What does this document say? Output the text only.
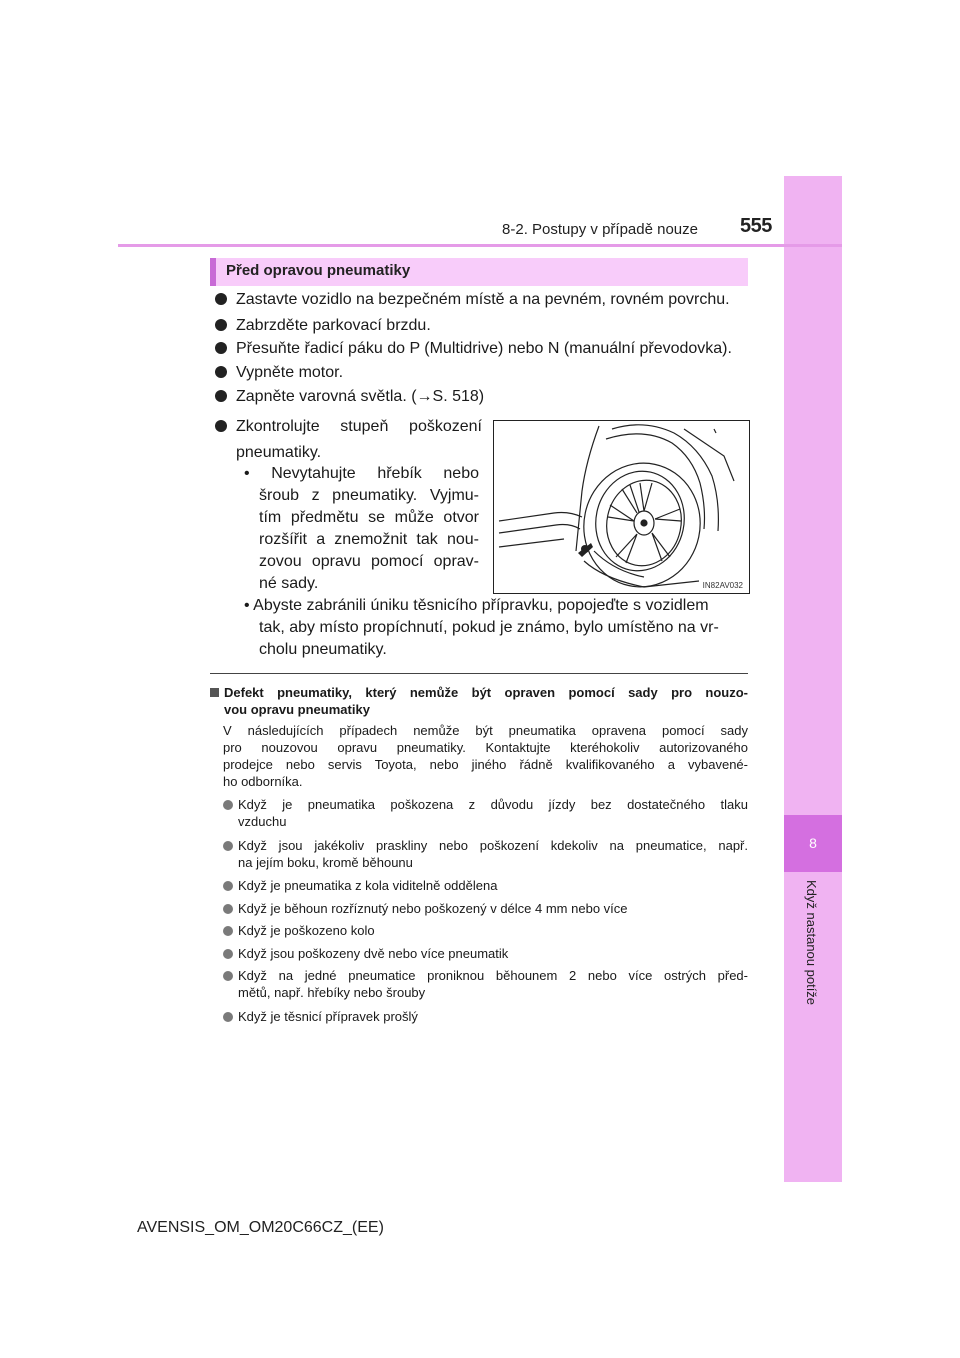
8
Když nastanou potíže
8-2. Postupy v případě nouze 555
Před opravou pneumatiky
Zastavte vozidlo na bezpečném místě a na pevném, rovném povrchu.
Zabrzděte parkovací brzdu.
Přesuňte řadicí páku do P (Multidrive) nebo N (manuální převodovka).
Vypněte motor.
Zapněte varovná světla. (→S. 518)
Zkontrolujte stupeň poškození
pneumatiky.
• Nevytahujte hřebík nebo
šroub z pneumatiky. Vyjmu-
tím předmětu se může otvor
rozšířit a znemožnit tak nou-
zovou opravu pomocí oprav-
né sady.	IN82AV032
• Abyste zabránili úniku těsnicího přípravku, popojeďte s vozidlem
tak, aby místo propíchnutí, pokud je známo, bylo umístěno na vr-
cholu pneumatiky.
Defekt pneumatiky, který nemůže být opraven pomocí sady pro nouzo-
vou opravu pneumatiky
V následujících případech nemůže být pneumatika opravena pomocí sady
pro nouzovou opravu pneumatiky. Kontaktujte kteréhokoliv autorizovaného
prodejce nebo servis Toyota, nebo jiného řádně kvalifikovaného a vybavené-
ho odborníka.
Když je pneumatika poškozena z důvodu jízdy bez dostatečného tlaku
vzduchu
Když jsou jakékoliv praskliny nebo poškození kdekoliv na pneumatice, např.
na jejím boku, kromě běhounu
Když je pneumatika z kola viditelně oddělena
Když je běhoun rozříznutý nebo poškozený v délce 4 mm nebo více
Když je poškozeno kolo
Když jsou poškozeny dvě nebo více pneumatik
Když na jedné pneumatice proniknou běhounem 2 nebo více ostrých před-
mětů, např. hřebíky nebo šrouby
Když je těsnicí přípravek prošlý
AVENSIS_OM_OM20C66CZ_(EE)
